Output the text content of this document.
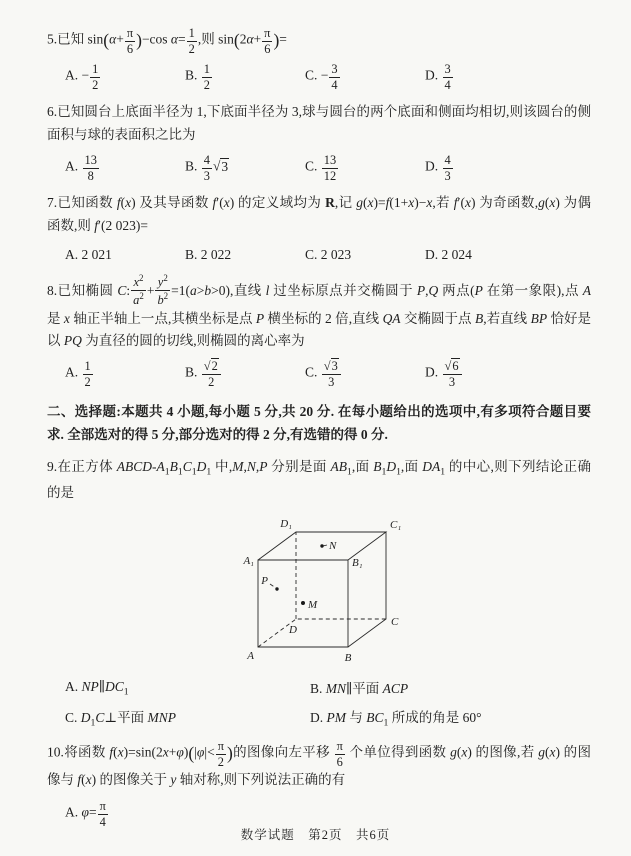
5.已知 $\sin(\alpha+ \frac{\pi}{6} )-\cos$ $\alpha= \frac{1}{2}$ ,则 $\sin(2\alpha+ \frac{\pi}{6}$ )=

A. − $\frac{1}{2}$	B. $\frac{1}{2}$	C. − $\frac{3}{4}$	D. $\frac{3}{4}$

6.已知圆台上底面半径为 1,下底面半径为 3,球与圆台的两个底面和侧面均相切,则该圆台的侧面积与球的表面积之比为

A. $\frac{13}{8}$	B. $\frac{4}{3} √3$	C. $\frac{13}{12}$	D. $\frac{4}{3}$

7.已知函数 f(x) 及其导函数 f′(x) 的定义域均为 R,记 g(x)=f(1+x)−x,若 f′(x) 为奇函数,g(x) 为偶函数,则 f′(2 023)=

A. 2 021	B. 2 022	C. 2 023	D. 2 024

8.已知椭圆 C: $\frac{x^2}{a^2} + \frac{y^2}{b^2} =1(a>b>0)$,直线 l 过坐标原点并交椭圆于 P,Q 两点(P 在第一象限),点 A 是 x 轴正半轴上一点,其横坐标是点 P 横坐标的 2 倍,直线 QA 交椭圆于点 B,若直线 BP 恰好是以 PQ 为直径的圆的切线,则椭圆的离心率为

A. $\frac{1}{2}$	B. $\frac{√2}{2}$	C. $\frac{√3}{3}$	D. $\frac{√6}{3}$

二、选择题:本题共 4 小题,每小题 5 分,共 20 分. 在每小题给出的选项中,有多项符合题目要求. 全部选对的得 5 分,部分选对的得 2 分,有选错的得 0 分.

9.在正方体 ABCD-$A_1B_1C_1D_1$ 中,M,N,P 分别是面 $AB_1$,面 $B_1D_1$,面 $DA_1$ 的中心,则下列结论正确的是

A₁
D₁	C₁
B₁
A	B
C
D
M
N
P
A. $NP\parallel DC_1$	B. MN∥平面 ACP
C. $D_1C\perp$平面 MNP	D. PM 与 $BC_1$ 所成的角是 60°

10.将函数 $f(x)=\sin(2x+\varphi)(|\varphi|< \frac{\pi}{2}$ )的图像向左平移 $\frac{\pi}{6}$ 个单位得到函数 g(x) 的图像,若 g(x) 的图像与 f(x) 的图像关于 y 轴对称,则下列说法正确的有

A. $\varphi= \frac{\pi}{4}$

数学试题　第2页　共6页
